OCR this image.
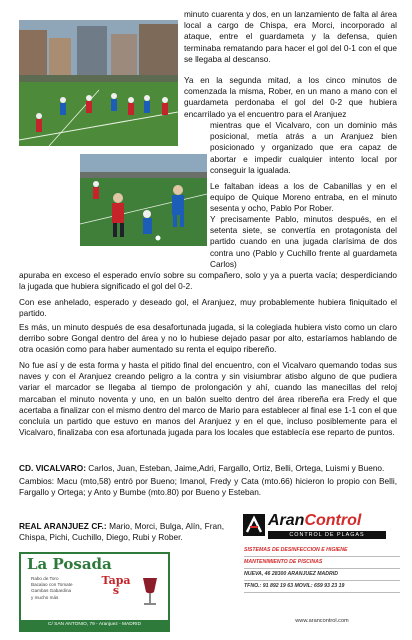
minuto cuarenta y dos, en un lanzamiento de falta al área local a cargo de Chispa, era Morci, incorporado al ataque, entre el guardameta y la defensa, quien terminaba rematando para hacer el gol del 0-1 con el que se llegaba al descanso.

Ya en la segunda mitad, a los cinco minutos de comenzada la misma, Rober, en un mano a mano con el guardameta perdonaba el gol del 0-2 que hubiera encarrilado ya el encuentro para el Aranjuez

mientras que el Vicalvaro, con un dominio más posicional, metía atrás a un Aranjuez bien posicionado y organizado que era capaz de abortar e impedir cualquier intento local por conseguir la igualada.

Le faltaban ideas a los de Cabanillas y en el equipo de Quique Moreno entraba, en el minuto sesenta y ocho, Pablo Por Rober.

Y precisamente Pablo, minutos después, en el setenta siete, se convertía en protagonista del partido cuando en una jugada clarísima de dos contra uno (Pablo y Cuchillo frente al guardameta Carlos)

apuraba en exceso el esperado envío sobre su compañero, solo y ya a puerta vacía; desperdiciando la jugada que hubiera significado el gol del 0-2.

Con ese anhelado, esperado y deseado gol, el Aranjuez, muy probablemente hubiera finiquitado el partido.

Es más, un minuto después de esa desafortunada jugada, si la colegiada hubiera visto como un claro derribo sobre Gongal dentro del área y no lo hubiese dejado pasar por alto, estaríamos hablando de otra ocasión como para haber aumentado su renta el equipo ribereño.

No fue así y de esta forma y hasta el pitido final del encuentro, con el Vicalvaro quemando todas sus naves y con el Aranjuez creando peligro a la contra y sin visiumbrar atisbo alguno de que pudiera variar el marcador se llegaba al tiempo de prolongación y ahí, cuando las manecillas del reloj marcaban el minuto noventa y uno, en un balón suelto dentro del área ribereña era Fredy el que acertaba a finalizar con el mismo dentro del marco de Mario para establecer al final ese 1-1 con el que concluía un partido que estuvo en manos del Aranjuez y en el que, incluso posiblemente para el Vicalvaro, finalizaba con esa afortunada jugada para los locales que establecía ese reparto de puntos.

CD. VICALVARO: Carlos, Juan, Esteban, Jaime,Adri, Fargallo, Ortiz, Belli, Ortega, Luismi y Bueno.

Cambios: Macu (mto,58) entró por Bueno; Imanol, Fredy y Cata (mto.66) hicieron lo propio con Belli, Fargallo y Ortega; y Anto y Bumbe (mto.80) por Bueno y Esteban.

REAL ARANJUEZ CF.: Mario, Morci, Bulga, Alín, Fran, Chispa, Pichi, Cuchillo, Diego, Rubi y Rober.

La Posada
Tapas
Rabo de Toro
Bacalao con Tomate
Gambas Gabardina
y mucho más
C/ SAN ANTONIO, 79 - Aranjuez - MADRID
AranControl
CONTROL DE PLAGAS
SISTEMAS DE DESINFECCION E HIGIENE
MANTENIMIENTO DE PISCINAS
NUEVA, 46 28300 ARANJUEZ MADRID
TFNO.: 91 892 19 63 MOVIL: 659 93 23 19
www.arancontrol.com
